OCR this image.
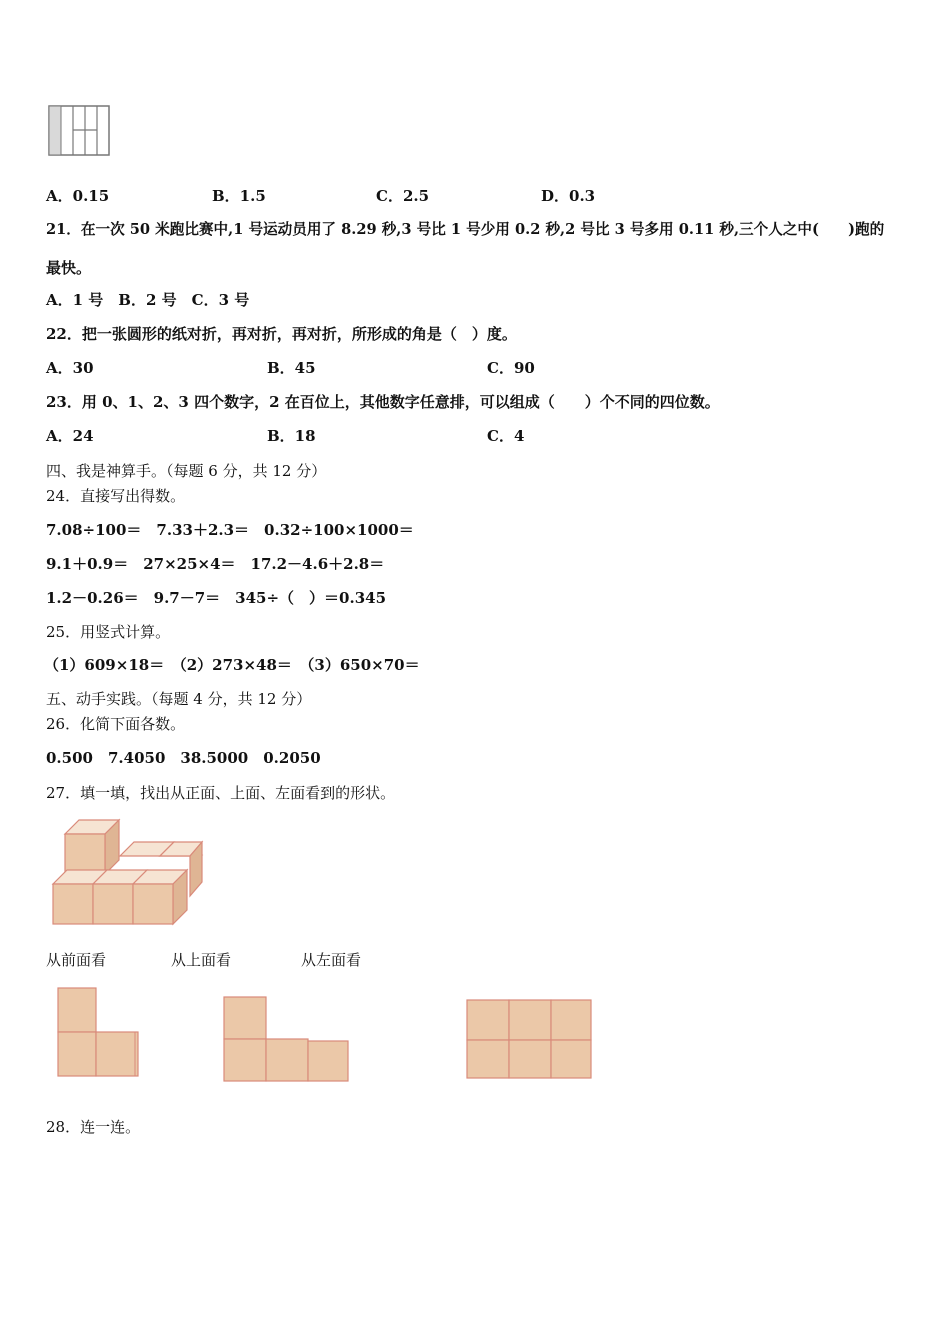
A．0.15	B．1.5	C．2.5	D．0.3
21．在一次 50 米跑比赛中,1 号运动员用了 8.29 秒,3 号比 1 号少用 0.2 秒,2 号比 3 号多用 0.11 秒,三个人之中(　　)跑的
最快。
A．1 号　B．2 号　C．3 号
22．把一张圆形的纸对折，再对折，再对折，所形成的角是（　）度。
A．30	B．45	C．90
23．用 0、1、2、3 四个数字，2 在百位上，其他数字任意排，可以组成（　　）个不同的四位数。
A．24	B．18	C．4
四、我是神算手。（每题 6 分，共 12 分）
24．直接写出得数。
7.08÷100＝　7.33＋2.3＝　0.32÷100×1000＝
9.1＋0.9＝　27×25×4＝　17.2－4.6＋2.8＝
1.2－0.26＝　9.7－7＝　345÷（　）＝0.345
25．用竖式计算。
（1）609×18＝　（2）273×48＝　（3）650×70＝
五、动手实践。（每题 4 分，共 12 分）
26．化简下面各数。
0.500　7.4050　38.5000　0.2050
27．填一填，找出从正面、上面、左面看到的形状。
从前面看	从上面看	从左面看
28．连一连。
